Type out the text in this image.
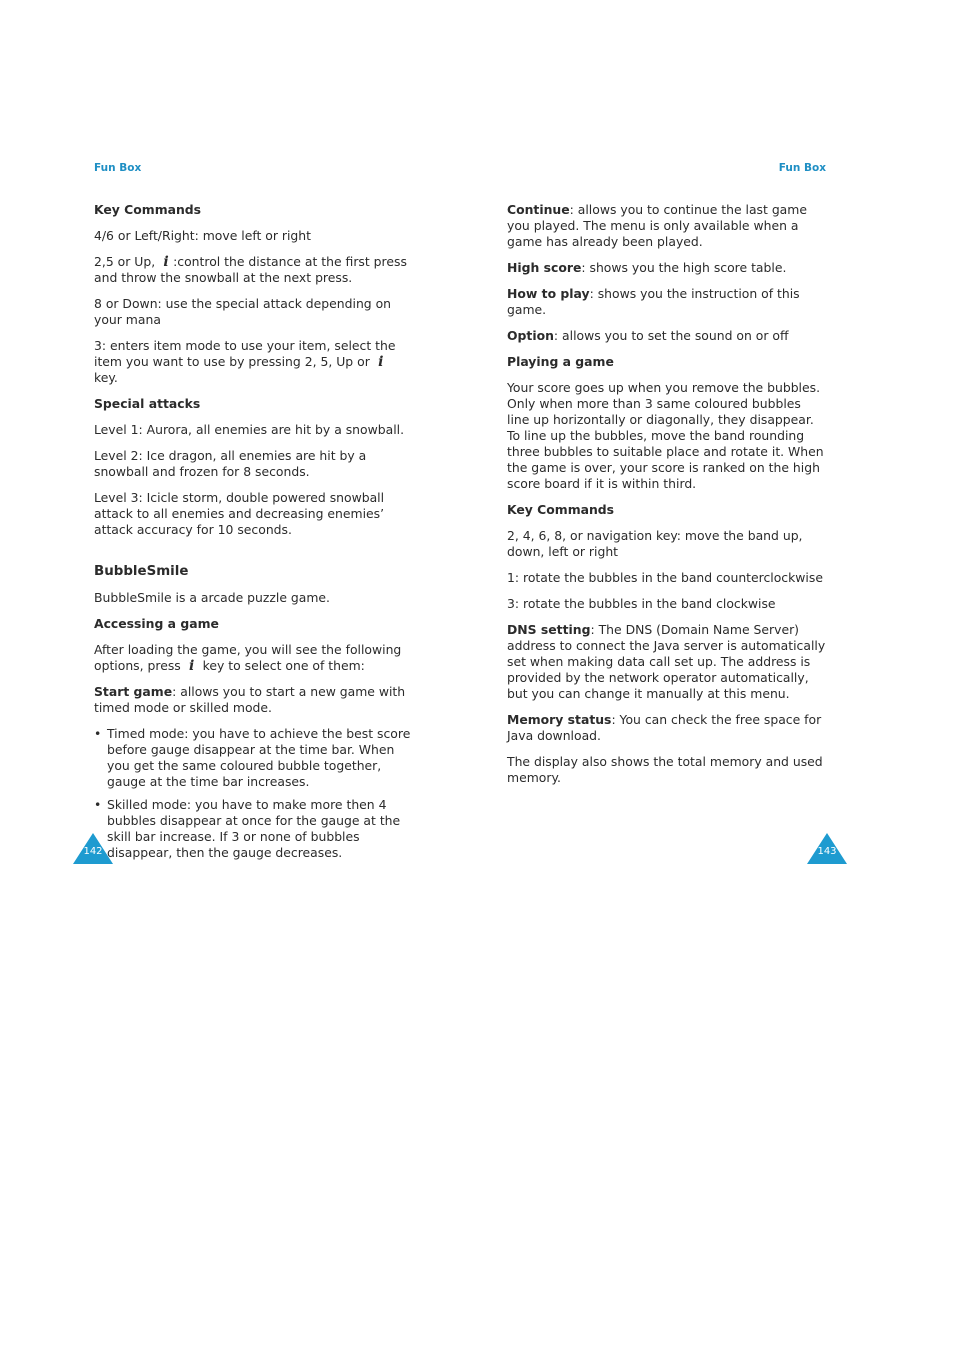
Fun Box	Fun Box
Key Commands

4/6 or Left/Right: move left or right

2,5 or Up, i :control the distance at the first press and throw the snowball at the next press.

8 or Down: use the special attack depending on your mana

3: enters item mode to use your item, select the item you want to use by pressing 2, 5, Up or i key.

Special attacks

Level 1: Aurora, all enemies are hit by a snowball.

Level 2: Ice dragon, all enemies are hit by a snowball and frozen for 8 seconds.

Level 3: Icicle storm, double powered snowball attack to all enemies and decreasing enemies’ attack accuracy for 10 seconds.

BubbleSmile

BubbleSmile is a arcade puzzle game.

Accessing a game

After loading the game, you will see the following options, press i key to select one of them:

Start game: allows you to start a new game with timed mode or skilled mode.

• Timed mode: you have to achieve the best score before gauge disappear at the time bar. When you get the same coloured bubble together, gauge at the time bar increases.
• Skilled mode: you have to make more then 4 bubbles disappear at once for the gauge at the skill bar increase. If 3 or none of bubbles disappear, then the gauge decreases.
142

Continue: allows you to continue the last game you played. The menu is only available when a game has already been played.

High score: shows you the high score table.

How to play: shows you the instruction of this game.

Option: allows you to set the sound on or off

Playing a game

Your score goes up when you remove the bubbles. Only when more than 3 same coloured bubbles line up horizontally or diagonally, they disappear. To line up the bubbles, move the band rounding three bubbles to suitable place and rotate it. When the game is over, your score is ranked on the high score board if it is within third.

Key Commands

2, 4, 6, 8, or navigation key: move the band up, down, left or right

1: rotate the bubbles in the band counterclockwise

3: rotate the bubbles in the band clockwise

DNS setting: The DNS (Domain Name Server) address to connect the Java server is automatically set when making data call set up. The address is provided by the network operator automatically, but you can change it manually at this menu.

Memory status: You can check the free space for Java download.

The display also shows the total memory and used memory.

143
